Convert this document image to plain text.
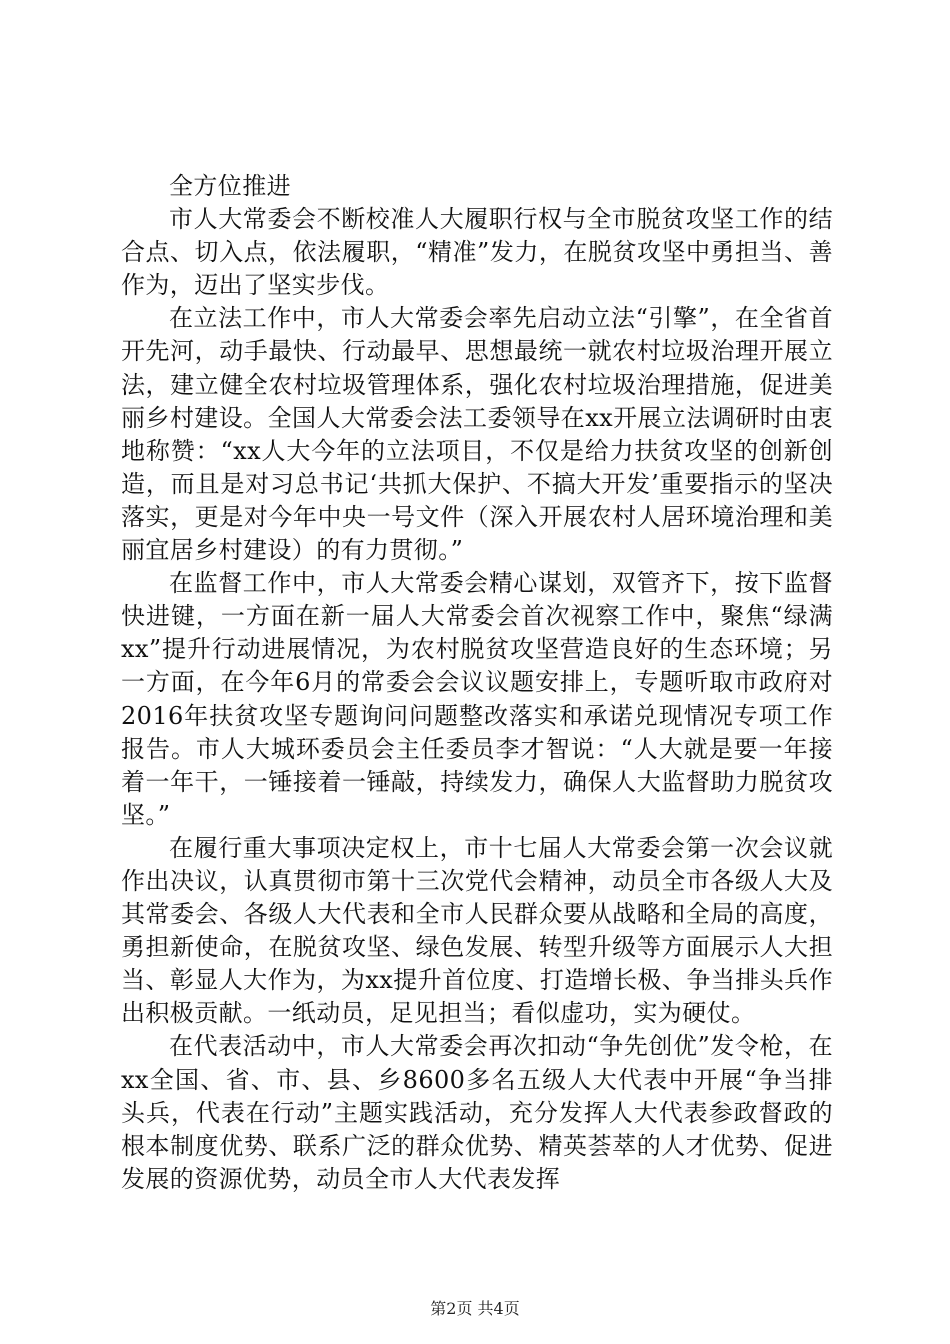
全方位推进

市人大常委会不断校准人大履职行权与全市脱贫攻坚工作的结合点、切入点，依法履职，“精准”发力，在脱贫攻坚中勇担当、善作为，迈出了坚实步伐。

在立法工作中，市人大常委会率先启动立法“引擎”，在全省首开先河，动手最快、行动最早、思想最统一就农村垃圾治理开展立法，建立健全农村垃圾管理体系，强化农村垃圾治理措施，促进美丽乡村建设。全国人大常委会法工委领导在xx开展立法调研时由衷地称赞：“xx人大今年的立法项目，不仅是给力扶贫攻坚的创新创造，而且是对习总书记‘共抓大保护、不搞大开发’重要指示的坚决落实，更是对今年中央一号文件（深入开展农村人居环境治理和美丽宜居乡村建设）的有力贯彻。”

在监督工作中，市人大常委会精心谋划，双管齐下，按下监督快进键，一方面在新一届人大常委会首次视察工作中，聚焦“绿满xx”提升行动进展情况，为农村脱贫攻坚营造良好的生态环境；另一方面，在今年6月的常委会会议议题安排上，专题听取市政府对2016年扶贫攻坚专题询问问题整改落实和承诺兑现情况专项工作报告。市人大城环委员会主任委员李才智说：“人大就是要一年接着一年干，一锤接着一锤敲，持续发力，确保人大监督助力脱贫攻坚。”

在履行重大事项决定权上，市十七届人大常委会第一次会议就作出决议，认真贯彻市第十三次党代会精神，动员全市各级人大及其常委会、各级人大代表和全市人民群众要从战略和全局的高度，勇担新使命，在脱贫攻坚、绿色发展、转型升级等方面展示人大担当、彰显人大作为，为xx提升首位度、打造增长极、争当排头兵作出积极贡献。一纸动员，足见担当；看似虚功，实为硬仗。

在代表活动中，市人大常委会再次扣动“争先创优”发令枪，在xx全国、省、市、县、乡8600多名五级人大代表中开展“争当排头兵，代表在行动”主题实践活动，充分发挥人大代表参政督政的根本制度优势、联系广泛的群众优势、精英荟萃的人才优势、促进发展的资源优势，动员全市人大代表发挥

第2页 共4页
